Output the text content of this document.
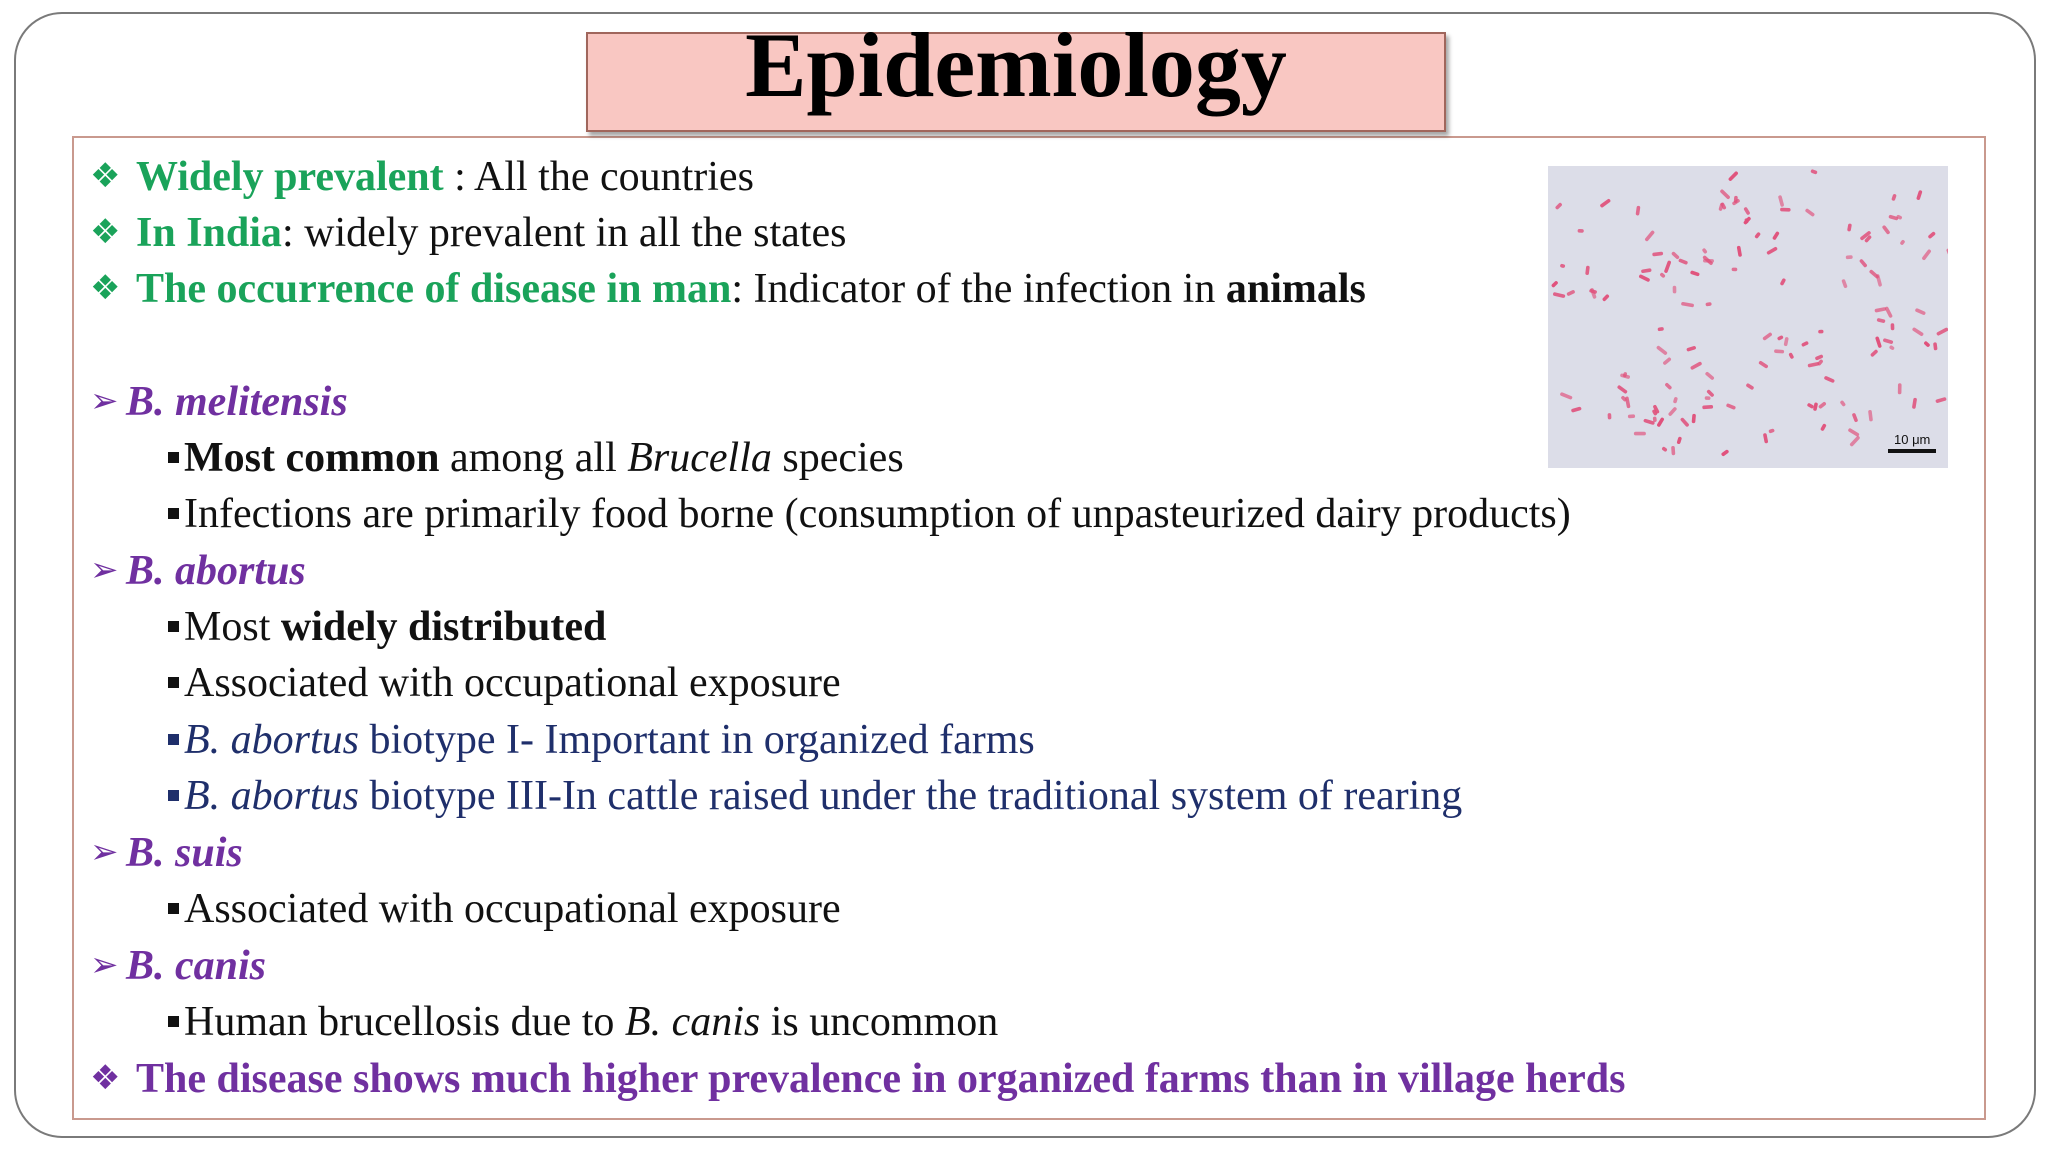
Epidemiology
10 μm
❖ Widely prevalent : All the countries
❖ In India: widely prevalent in all the states
❖ The occurrence of disease in man: Indicator of the infection in animals
➢ B. melitensis
Most common among all Brucella species
Infections are primarily food borne (consumption of unpasteurized dairy products)
➢ B. abortus
Most widely distributed
Associated with occupational exposure
B. abortus biotype I- Important in organized farms
B. abortus biotype III-In cattle raised under the traditional system of rearing
➢ B. suis
Associated with occupational exposure
➢ B. canis
Human brucellosis due to B. canis is uncommon
❖ The disease shows much higher prevalence in organized farms than in village herds
